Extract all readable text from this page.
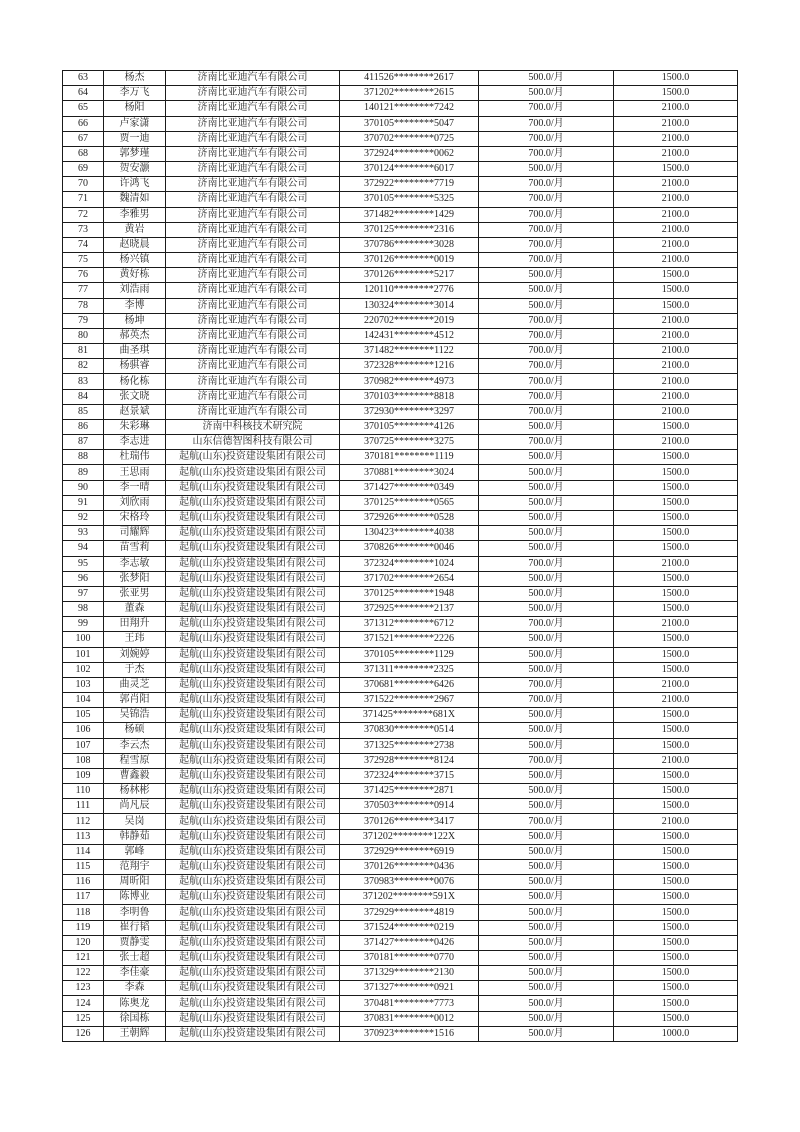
63	杨杰	济南比亚迪汽车有限公司	411526********2617	500.0/月	1500.0
64	李万飞	济南比亚迪汽车有限公司	371202********2615	500.0/月	1500.0
65	杨阳	济南比亚迪汽车有限公司	140121********7242	700.0/月	2100.0
66	卢家潇	济南比亚迪汽车有限公司	370105********5047	700.0/月	2100.0
67	贾一迪	济南比亚迪汽车有限公司	370702********0725	700.0/月	2100.0
68	郭梦瑾	济南比亚迪汽车有限公司	372924********0062	700.0/月	2100.0
69	贺安灏	济南比亚迪汽车有限公司	370124********6017	500.0/月	1500.0
70	许鸿飞	济南比亚迪汽车有限公司	372922********7719	700.0/月	2100.0
71	魏清如	济南比亚迪汽车有限公司	370105********5325	700.0/月	2100.0
72	李雅男	济南比亚迪汽车有限公司	371482********1429	700.0/月	2100.0
73	黄岩	济南比亚迪汽车有限公司	370125********2316	700.0/月	2100.0
74	赵晓晨	济南比亚迪汽车有限公司	370786********3028	700.0/月	2100.0
75	杨兴镇	济南比亚迪汽车有限公司	370126********0019	700.0/月	2100.0
76	黄好栋	济南比亚迪汽车有限公司	370126********5217	500.0/月	1500.0
77	刘浩雨	济南比亚迪汽车有限公司	120110********2776	500.0/月	1500.0
78	李博	济南比亚迪汽车有限公司	130324********3014	500.0/月	1500.0
79	杨坤	济南比亚迪汽车有限公司	220702********2019	700.0/月	2100.0
80	郝英杰	济南比亚迪汽车有限公司	142431********4512	700.0/月	2100.0
81	曲圣琪	济南比亚迪汽车有限公司	371482********1122	700.0/月	2100.0
82	杨骐睿	济南比亚迪汽车有限公司	372328********1216	700.0/月	2100.0
83	杨化栋	济南比亚迪汽车有限公司	370982********4973	700.0/月	2100.0
84	张文晓	济南比亚迪汽车有限公司	370103********8818	700.0/月	2100.0
85	赵景斌	济南比亚迪汽车有限公司	372930********3297	700.0/月	2100.0
86	朱彩琳	济南中科核技术研究院	370105********4126	500.0/月	1500.0
87	李志进	山东信德智图科技有限公司	370725********3275	700.0/月	2100.0
88	杜瑞伟	起航(山东)投资建设集团有限公司	370181********1119	500.0/月	1500.0
89	王思雨	起航(山东)投资建设集团有限公司	370881********3024	500.0/月	1500.0
90	李一晴	起航(山东)投资建设集团有限公司	371427********0349	500.0/月	1500.0
91	刘欣雨	起航(山东)投资建设集团有限公司	370125********0565	500.0/月	1500.0
92	宋格玲	起航(山东)投资建设集团有限公司	372926********0528	500.0/月	1500.0
93	司耀辉	起航(山东)投资建设集团有限公司	130423********4038	500.0/月	1500.0
94	苗雪莉	起航(山东)投资建设集团有限公司	370826********0046	500.0/月	1500.0
95	李志敏	起航(山东)投资建设集团有限公司	372324********1024	700.0/月	2100.0
96	张梦阳	起航(山东)投资建设集团有限公司	371702********2654	500.0/月	1500.0
97	张亚男	起航(山东)投资建设集团有限公司	370125********1948	500.0/月	1500.0
98	董森	起航(山东)投资建设集团有限公司	372925********2137	500.0/月	1500.0
99	田翔升	起航(山东)投资建设集团有限公司	371312********6712	700.0/月	2100.0
100	王玮	起航(山东)投资建设集团有限公司	371521********2226	500.0/月	1500.0
101	刘婉婷	起航(山东)投资建设集团有限公司	370105********1129	500.0/月	1500.0
102	于杰	起航(山东)投资建设集团有限公司	371311********2325	500.0/月	1500.0
103	曲灵芝	起航(山东)投资建设集团有限公司	370681********6426	700.0/月	2100.0
104	郭肖阳	起航(山东)投资建设集团有限公司	371522********2967	700.0/月	2100.0
105	吴锦浩	起航(山东)投资建设集团有限公司	371425********681X	500.0/月	1500.0
106	杨硕	起航(山东)投资建设集团有限公司	370830********0514	500.0/月	1500.0
107	李云杰	起航(山东)投资建设集团有限公司	371325********2738	500.0/月	1500.0
108	程雪原	起航(山东)投资建设集团有限公司	372928********8124	700.0/月	2100.0
109	曹鑫毅	起航(山东)投资建设集团有限公司	372324********3715	500.0/月	1500.0
110	杨林彬	起航(山东)投资建设集团有限公司	371425********2871	500.0/月	1500.0
111	尚凡辰	起航(山东)投资建设集团有限公司	370503********0914	500.0/月	1500.0
112	吴岗	起航(山东)投资建设集团有限公司	370126********3417	700.0/月	2100.0
113	韩静茹	起航(山东)投资建设集团有限公司	371202********122X	500.0/月	1500.0
114	郭峰	起航(山东)投资建设集团有限公司	372929********6919	500.0/月	1500.0
115	范翔宇	起航(山东)投资建设集团有限公司	370126********0436	500.0/月	1500.0
116	周昕阳	起航(山东)投资建设集团有限公司	370983********0076	500.0/月	1500.0
117	陈博业	起航(山东)投资建设集团有限公司	371202********591X	500.0/月	1500.0
118	李明鲁	起航(山东)投资建设集团有限公司	372929********4819	500.0/月	1500.0
119	崔行韬	起航(山东)投资建设集团有限公司	371524********0219	500.0/月	1500.0
120	贾静雯	起航(山东)投资建设集团有限公司	371427********0426	500.0/月	1500.0
121	张士超	起航(山东)投资建设集团有限公司	370181********0770	500.0/月	1500.0
122	李佳豪	起航(山东)投资建设集团有限公司	371329********2130	500.0/月	1500.0
123	李森	起航(山东)投资建设集团有限公司	371327********0921	500.0/月	1500.0
124	陈奥龙	起航(山东)投资建设集团有限公司	370481********7773	500.0/月	1500.0
125	徐国栋	起航(山东)投资建设集团有限公司	370831********0012	500.0/月	1500.0
126	王朝辉	起航(山东)投资建设集团有限公司	370923********1516	500.0/月	1000.0
